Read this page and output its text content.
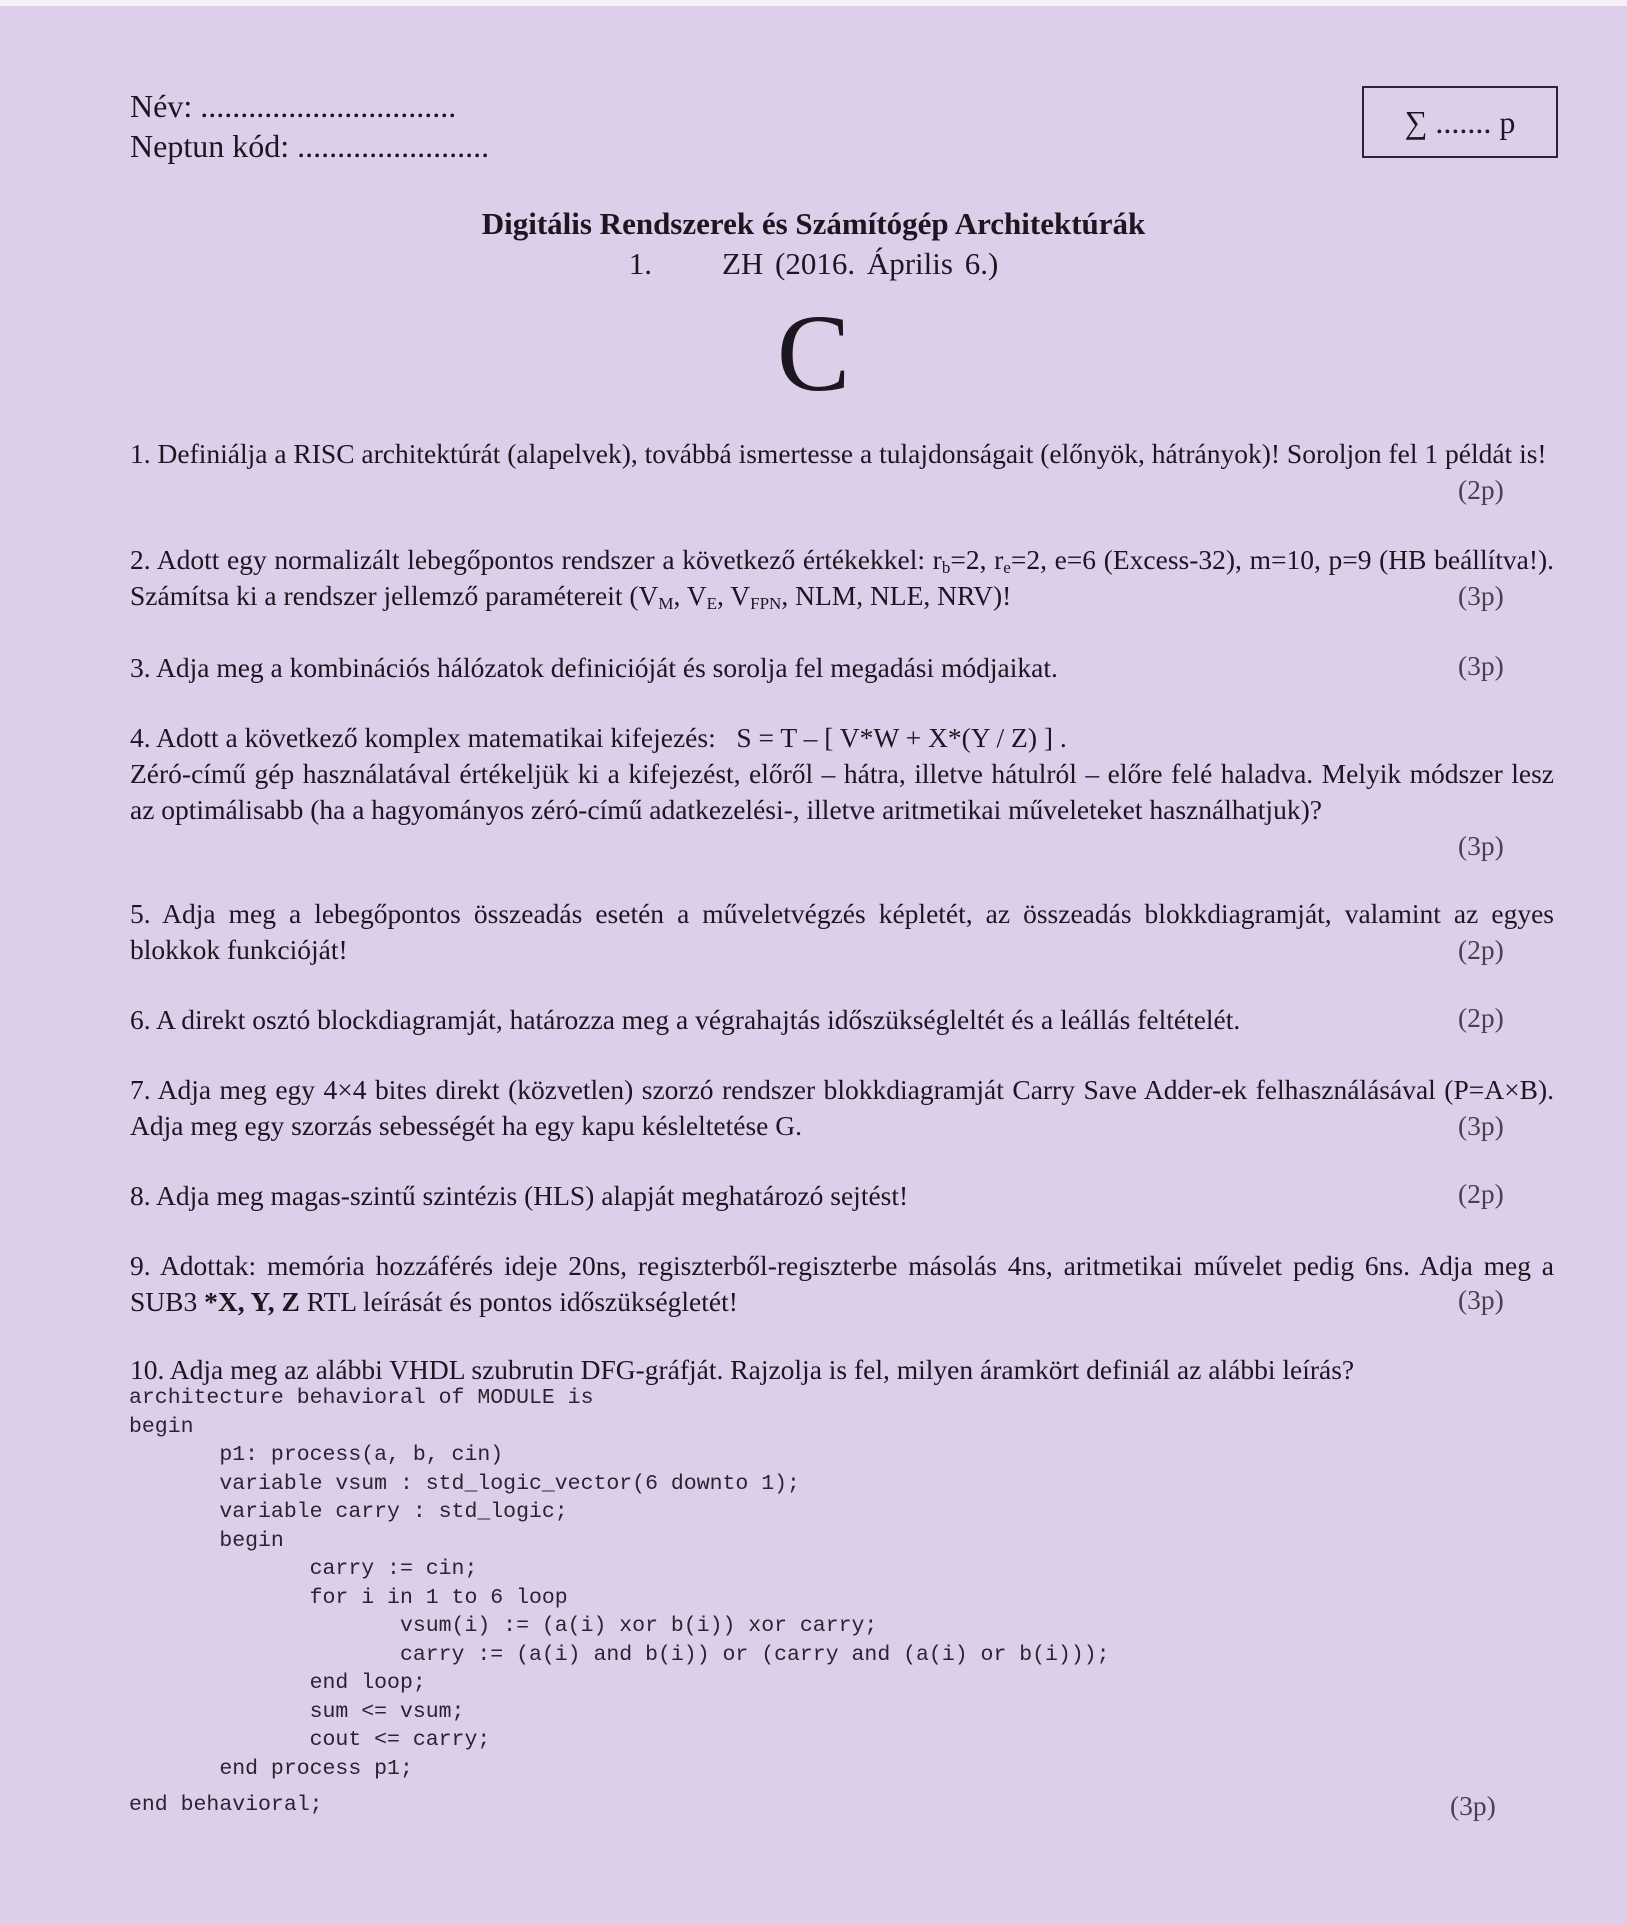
Név: ................................
Neptun kód: ........................
∑ ....... p
Digitális Rendszerek és Számítógép Architektúrák
1. ZH (2016. Április 6.)
C
1. Definiálja a RISC architektúrát (alapelvek), továbbá ismertesse a tulajdonságait (előnyök, hátrányok)! Soroljon fel 1 példát is!
(2p)
2. Adott egy normalizált lebegőpontos rendszer a következő értékekkel: $r_b=2$, $r_e=2$, e=6 (Excess-32), m=10, p=9 (HB beállítva!). Számítsa ki a rendszer jellemző paramétereit ($V_M$, $V_E$, $V_{FPN}$, NLM, NLE, NRV)!	(3p)
3. Adja meg a kombinációs hálózatok definicióját és sorolja fel megadási módjaikat.	(3p)
4. Adott a következő komplex matematikai kifejezés: S = T – [ V*W + X*(Y / Z) ] .
Zéró-című gép használatával értékeljük ki a kifejezést, előről – hátra, illetve hátulról – előre felé haladva. Melyik módszer lesz az optimálisabb (ha a hagyományos zéró-című adatkezelési-, illetve aritmetikai műveleteket használhatjuk)?
(3p)
5. Adja meg a lebegőpontos összeadás esetén a műveletvégzés képletét, az összeadás blokkdiagramját, valamint az egyes blokkok funkcióját!	(2p)
6. A direkt osztó blockdiagramját, határozza meg a végrahajtás időszükségleltét és a leállás feltételét.	(2p)
7. Adja meg egy 4×4 bites direkt (közvetlen) szorzó rendszer blokkdiagramját Carry Save Adder-ek felhasználásával (P=A×B). Adja meg egy szorzás sebességét ha egy kapu késleltetése G.	(3p)
8. Adja meg magas-szintű szintézis (HLS) alapját meghatározó sejtést!	(2p)
9. Adottak: memória hozzáférés ideje 20ns, regiszterből-regiszterbe másolás 4ns, aritmetikai művelet pedig 6ns. Adja meg a SUB3 *X, Y, Z RTL leírását és pontos időszükségletét!	(3p)
10. Adja meg az alábbi VHDL szubrutin DFG-gráfját. Rajzolja is fel, milyen áramkört definiál az alábbi leírás?
architecture behavioral of MODULE is
begin
p1: process(a, b, cin)
variable vsum : std_logic_vector(6 downto 1);
variable carry : std_logic;
begin
carry := cin;
for i in 1 to 6 loop
vsum(i) := (a(i) xor b(i)) xor carry;
carry := (a(i) and b(i)) or (carry and (a(i) or b(i)));
end loop;
sum <= vsum;
cout <= carry;
end process p1;
end behavioral;	(3p)
